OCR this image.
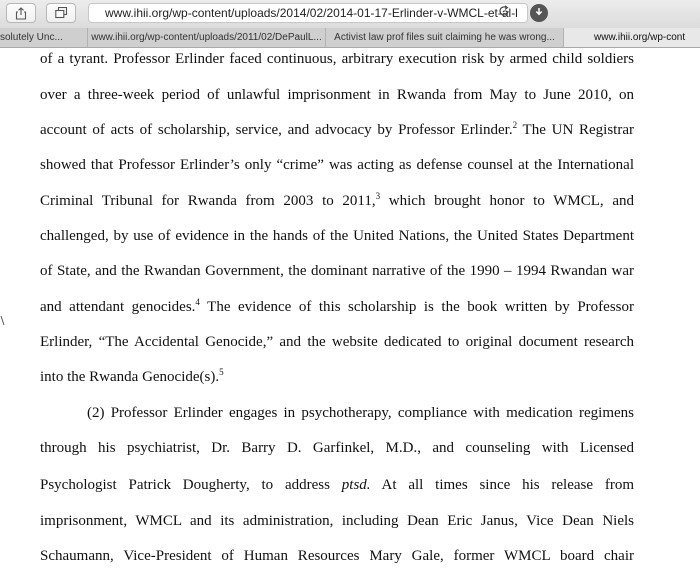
www.ihii.org/wp-content/uploads/2014/02/2014-01-17-Erlinder-v-WMCL-et-al-l
solutely Unc...	www.ihii.org/wp-content/uploads/2011/02/DePaulL...	Activist law prof files suit claiming he was wrong...	www.ihii.org/wp-cont
of a tyrant. Professor Erlinder faced continuous, arbitrary execution risk by armed child soldiers
over a three-week period of unlawful imprisonment in Rwanda from May to June 2010, on
account of acts of scholarship, service, and advocacy by Professor Erlinder.$^2$ The UN Registrar
showed that Professor Erlinder’s only “crime” was acting as defense counsel at the International
Criminal Tribunal for Rwanda from 2003 to 2011,$^3$ which brought honor to WMCL, and
challenged, by use of evidence in the hands of the United Nations, the United States Department
of State, and the Rwandan Government, the dominant narrative of the 1990 – 1994 Rwandan war
and attendant genocides.$^4$ The evidence of this scholarship is the book written by Professor
Erlinder, “The Accidental Genocide,” and the website dedicated to original document research
into the Rwanda Genocide(s).$^5$
(2) Professor Erlinder engages in psychotherapy, compliance with medication regimens
through his psychiatrist, Dr. Barry D. Garfinkel, M.D., and counseling with Licensed
Psychologist Patrick Dougherty, to address ptsd. At all times since his release from
imprisonment, WMCL and its administration, including Dean Eric Janus, Vice Dean Niels
Schaumann, Vice-President of Human Resources Mary Gale, former WMCL board chair
